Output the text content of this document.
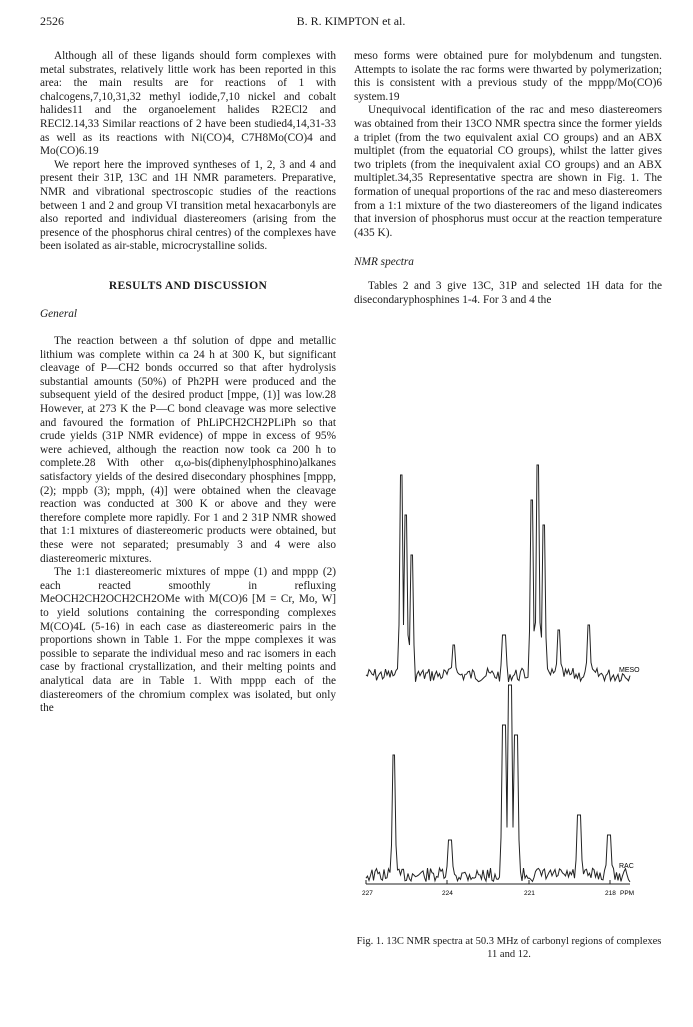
2526	B. R. KIMPTON et al.

Although all of these ligands should form complexes with metal substrates, relatively little work has been reported in this area: the main results are for reactions of 1 with chalcogens,7,10,31,32 methyl iodide,7,10 nickel and cobalt halides11 and the organoelement halides R2ECl2 and RECl2.14,33 Similar reactions of 2 have been studied4,14,31-33 as well as its reactions with Ni(CO)4, C7H8Mo(CO)4 and Mo(CO)6.19

We report here the improved syntheses of 1, 2, 3 and 4 and present their 31P, 13C and 1H NMR parameters. Preparative, NMR and vibrational spectroscopic studies of the reactions between 1 and 2 and group VI transition metal hexacarbonyls are also reported and individual diastereomers (arising from the presence of the phosphorus chiral centres) of the complexes have been isolated as air-stable, microcrystalline solids.

RESULTS AND DISCUSSION
General

The reaction between a thf solution of dppe and metallic lithium was complete within ca 24 h at 300 K, but significant cleavage of P—CH2 bonds occurred so that after hydrolysis substantial amounts (50%) of Ph2PH were produced and the subsequent yield of the desired product [mppe, (1)] was low.28 However, at 273 K the P—C bond cleavage was more selective and favoured the formation of PhLiPCH2CH2PLiPh so that crude yields (31P NMR evidence) of mppe in excess of 95% were achieved, although the reaction now took ca 200 h to complete.28 With other α,ω-bis(diphenylphosphino)alkanes satisfactory yields of the desired disecondary phosphines [mppp, (2); mppb (3); mpph, (4)] were obtained when the cleavage reaction was conducted at 300 K or above and they were therefore complete more rapidly. For 1 and 2 31P NMR showed that 1:1 mixtures of diastereomeric products were obtained, but these were not separated; presumably 3 and 4 were also diastereomeric mixtures.

The 1:1 diastereomeric mixtures of mppe (1) and mppp (2) each reacted smoothly in refluxing MeOCH2CH2OCH2CH2OMe with M(CO)6 [M = Cr, Mo, W] to yield solutions containing the corresponding complexes M(CO)4L (5-16) in each case as diastereomeric pairs in the proportions shown in Table 1. For the mppe complexes it was possible to separate the individual meso and rac isomers in each case by fractional crystallization, and their melting points and analytical data are in Table 1. With mppp each of the diastereomers of the chromium complex was isolated, but only the

meso forms were obtained pure for molybdenum and tungsten. Attempts to isolate the rac forms were thwarted by polymerization; this is consistent with a previous study of the mppp/Mo(CO)6 system.19

Unequivocal identification of the rac and meso diastereomers was obtained from their 13CO NMR spectra since the former yields a triplet (from the two equivalent axial CO groups) and an ABX multiplet (from the equatorial CO groups), whilst the latter gives two triplets (from the inequivalent axial CO groups) and an ABX multiplet.34,35 Representative spectra are shown in Fig. 1. The formation of unequal proportions of the rac and meso diastereomers from a 1:1 mixture of the two diastereomers of the ligand indicates that inversion of phosphorus must occur at the reaction temperature (435 K).

NMR spectra

Tables 2 and 3 give 13C, 31P and selected 1H data for the disecondaryphosphines 1-4. For 3 and 4 the

MESO
RAC
227	224	221	218 PPM
Fig. 1. 13C NMR spectra at 50.3 MHz of carbonyl regions of complexes 11 and 12.
